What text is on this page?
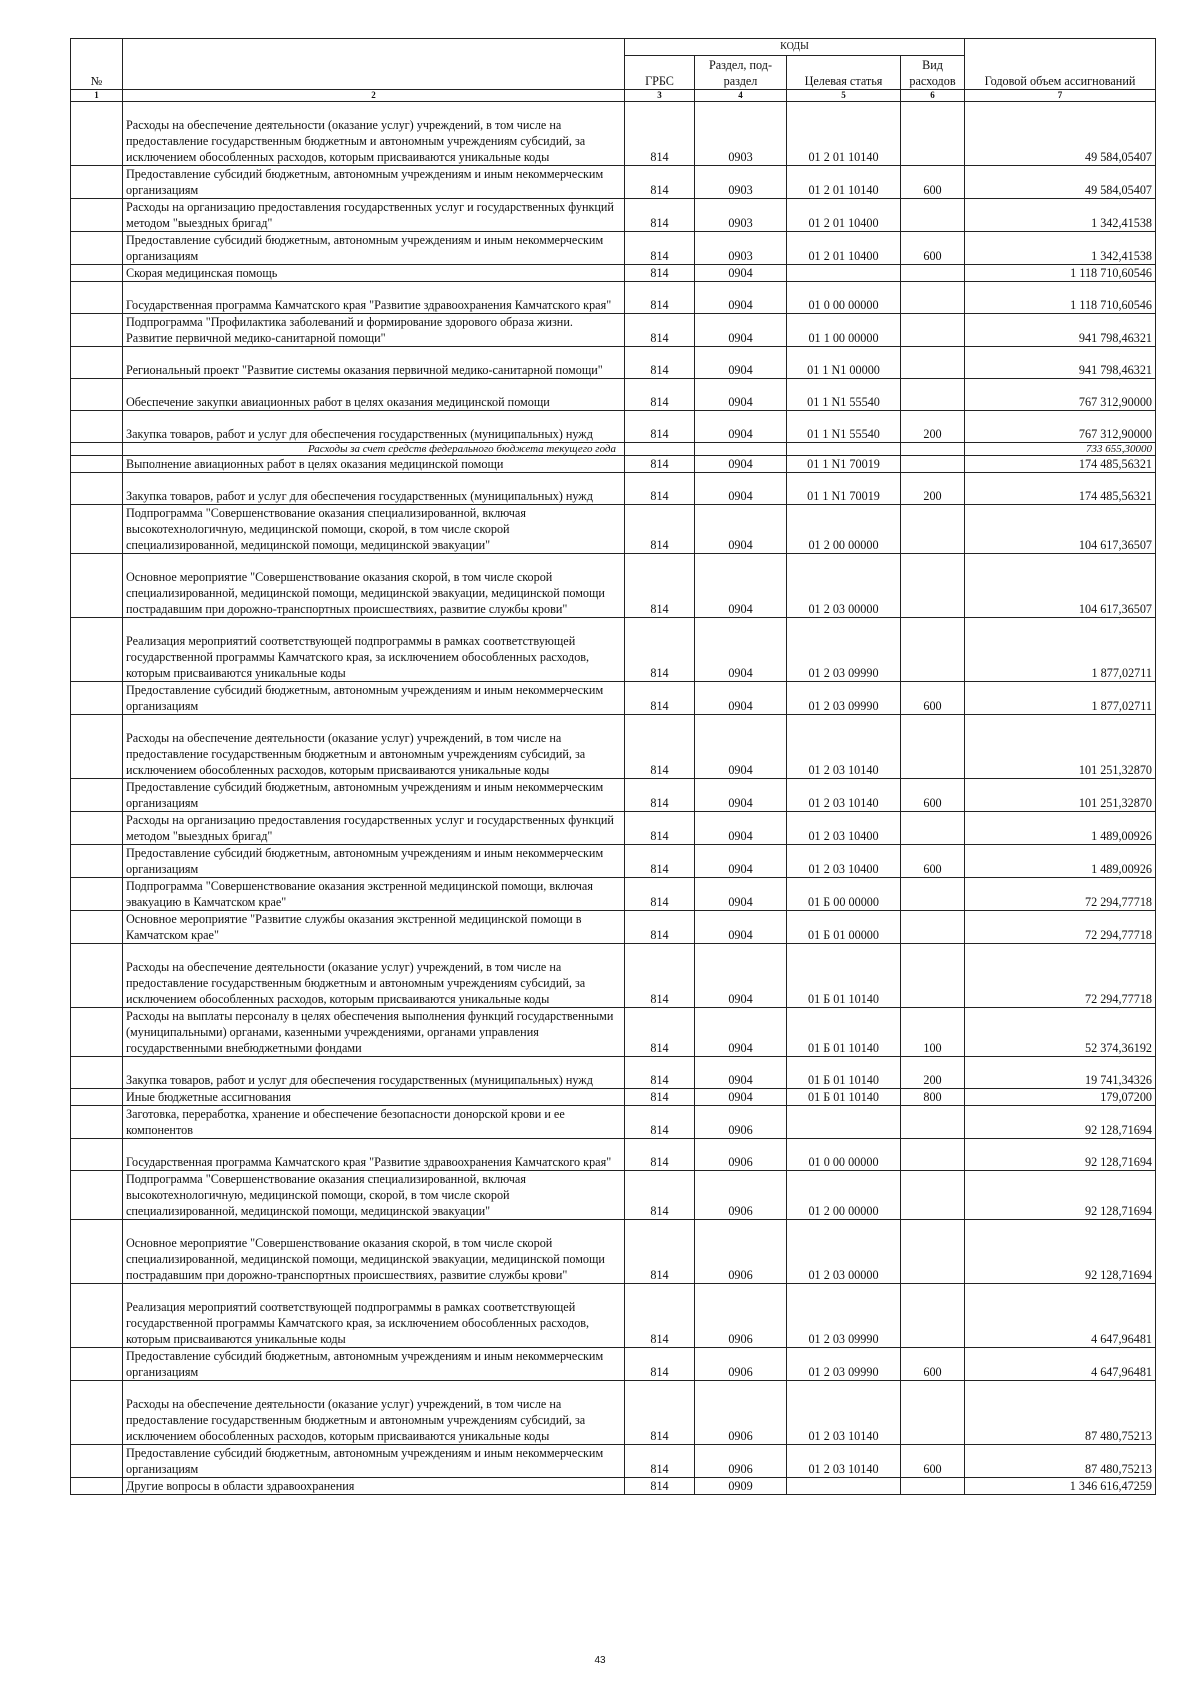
№		КОДЫ				Годовой объем ассигнований
		ГРБС	Раздел, под-раздел	Целевая статья	Вид расходов	
1	2	3	4	5	6	7
	Расходы на обеспечение деятельности (оказание услуг) учреждений, в том числе на предоставление государственным бюджетным и автономным учреждениям субсидий, за исключением обособленных расходов, которым присваиваются уникальные коды	814	0903	01 2 01 10140		49 584,05407
	Предоставление субсидий бюджетным, автономным учреждениям и иным некоммерческим организациям	814	0903	01 2 01 10140	600	49 584,05407
	Расходы на организацию предоставления государственных услуг и государственных функций методом "выездных бригад"	814	0903	01 2 01 10400		1 342,41538
	Предоставление субсидий бюджетным, автономным учреждениям и иным некоммерческим организациям	814	0903	01 2 01 10400	600	1 342,41538
	Скорая медицинская помощь	814	0904			1 118 710,60546
	Государственная программа Камчатского края "Развитие здравоохранения Камчатского края"	814	0904	01 0 00 00000		1 118 710,60546
	Подпрограмма "Профилактика заболеваний и формирование здорового образа жизни. Развитие первичной медико-санитарной помощи"	814	0904	01 1 00 00000		941 798,46321
	Региональный проект "Развитие системы оказания первичной медико-санитарной помощи"	814	0904	01 1 N1 00000		941 798,46321
	Обеспечение закупки авиационных работ в целях оказания медицинской помощи	814	0904	01 1 N1 55540		767 312,90000
	Закупка товаров, работ и услуг для обеспечения государственных (муниципальных) нужд	814	0904	01 1 N1 55540	200	767 312,90000
	Расходы за счет средств федерального бюджета текущего года					733 655,30000
	Выполнение авиационных работ в целях оказания медицинской помощи	814	0904	01 1 N1 70019		174 485,56321
	Закупка товаров, работ и услуг для обеспечения государственных (муниципальных) нужд	814	0904	01 1 N1 70019	200	174 485,56321
	Подпрограмма "Совершенствование оказания специализированной, включая высокотехнологичную, медицинской помощи, скорой, в том числе скорой специализированной, медицинской помощи, медицинской эвакуации"	814	0904	01 2 00 00000		104 617,36507
	Основное мероприятие "Совершенствование оказания скорой, в том числе скорой специализированной, медицинской помощи, медицинской эвакуации, медицинской помощи пострадавшим при дорожно-транспортных происшествиях, развитие службы крови"	814	0904	01 2 03 00000		104 617,36507
	Реализация мероприятий соответствующей подпрограммы в рамках соответствующей государственной программы Камчатского края, за исключением обособленных расходов, которым присваиваются уникальные коды	814	0904	01 2 03 09990		1 877,02711
	Предоставление субсидий бюджетным, автономным учреждениям и иным некоммерческим организациям	814	0904	01 2 03 09990	600	1 877,02711
	Расходы на обеспечение деятельности (оказание услуг) учреждений, в том числе на предоставление государственным бюджетным и автономным учреждениям субсидий, за исключением обособленных расходов, которым присваиваются уникальные коды	814	0904	01 2 03 10140		101 251,32870
	Предоставление субсидий бюджетным, автономным учреждениям и иным некоммерческим организациям	814	0904	01 2 03 10140	600	101 251,32870
	Расходы на организацию предоставления государственных услуг и государственных функций методом "выездных бригад"	814	0904	01 2 03 10400		1 489,00926
	Предоставление субсидий бюджетным, автономным учреждениям и иным некоммерческим организациям	814	0904	01 2 03 10400	600	1 489,00926
	Подпрограмма "Совершенствование оказания экстренной медицинской помощи, включая эвакуацию в Камчатском крае"	814	0904	01 Б 00 00000		72 294,77718
	Основное мероприятие "Развитие службы оказания экстренной медицинской помощи в Камчатском крае"	814	0904	01 Б 01 00000		72 294,77718
	Расходы на обеспечение деятельности (оказание услуг) учреждений, в том числе на предоставление государственным бюджетным и автономным учреждениям субсидий, за исключением обособленных расходов, которым присваиваются уникальные коды	814	0904	01 Б 01 10140		72 294,77718
	Расходы на выплаты персоналу в целях обеспечения выполнения функций государственными (муниципальными) органами, казенными учреждениями, органами управления государственными внебюджетными фондами	814	0904	01 Б 01 10140	100	52 374,36192
	Закупка товаров, работ и услуг для обеспечения государственных (муниципальных) нужд	814	0904	01 Б 01 10140	200	19 741,34326
	Иные бюджетные ассигнования	814	0904	01 Б 01 10140	800	179,07200
	Заготовка, переработка, хранение и обеспечение безопасности донорской крови и ее компонентов	814	0906			92 128,71694
	Государственная программа Камчатского края "Развитие здравоохранения Камчатского края"	814	0906	01 0 00 00000		92 128,71694
	Подпрограмма "Совершенствование оказания специализированной, включая высокотехнологичную, медицинской помощи, скорой, в том числе скорой специализированной, медицинской помощи, медицинской эвакуации"	814	0906	01 2 00 00000		92 128,71694
	Основное мероприятие "Совершенствование оказания скорой, в том числе скорой специализированной, медицинской помощи, медицинской эвакуации, медицинской помощи пострадавшим при дорожно-транспортных происшествиях, развитие службы крови"	814	0906	01 2 03 00000		92 128,71694
	Реализация мероприятий соответствующей подпрограммы в рамках соответствующей государственной программы Камчатского края, за исключением обособленных расходов, которым присваиваются уникальные коды	814	0906	01 2 03 09990		4 647,96481
	Предоставление субсидий бюджетным, автономным учреждениям и иным некоммерческим организациям	814	0906	01 2 03 09990	600	4 647,96481
	Расходы на обеспечение деятельности (оказание услуг) учреждений, в том числе на предоставление государственным бюджетным и автономным учреждениям субсидий, за исключением обособленных расходов, которым присваиваются уникальные коды	814	0906	01 2 03 10140		87 480,75213
	Предоставление субсидий бюджетным, автономным учреждениям и иным некоммерческим организациям	814	0906	01 2 03 10140	600	87 480,75213
	Другие вопросы в области здравоохранения	814	0909			1 346 616,47259
43
